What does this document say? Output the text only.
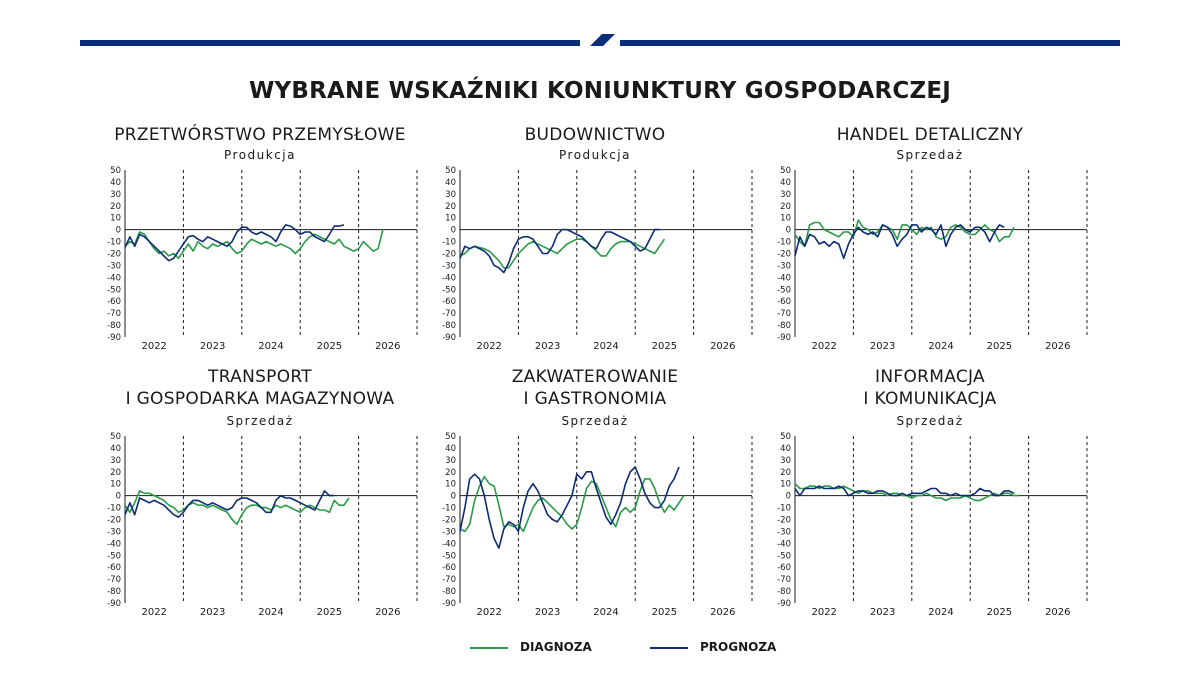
WYBRANE WSKAŹNIKI KONIUNKTURY GOSPODARCZEJ
PRZETWÓRSTWO PRZEMYSŁOWE
Produkcja
50
40
30
20
10
0
-10
-20
-30
-40
-50
-60
-70
-80
-90
2022	2023	2024	2025	2026
BUDOWNICTWO
Produkcja
50
40
30
20
10
0
-10
-20
-30
-40
-50
-60
-70
-80
-90
2022	2023	2024	2025	2026
HANDEL DETALICZNY
Sprzedaż
50
40
30
20
10
0
-10
-20
-30
-40
-50
-60
-70
-80
-90
2022	2023	2024	2025	2026
TRANSPORT
I GOSPODARKA MAGAZYNOWA
Sprzedaż
50
40
30
20
10
0
-10
-20
-30
-40
-50
-60
-70
-80
-90
2022	2023	2024	2025	2026
ZAKWATEROWANIE
I GASTRONOMIA
Sprzedaż
50
40
30
20
10
0
-10
-20
-30
-40
-50
-60
-70
-80
-90
2022	2023	2024	2025	2026
INFORMACJA
I KOMUNIKACJA
Sprzedaż
50
40
30
20
10
0
-10
-20
-30
-40
-50
-60
-70
-80
-90
2022	2023	2024	2025	2026
DIAGNOZA	PROGNOZA
